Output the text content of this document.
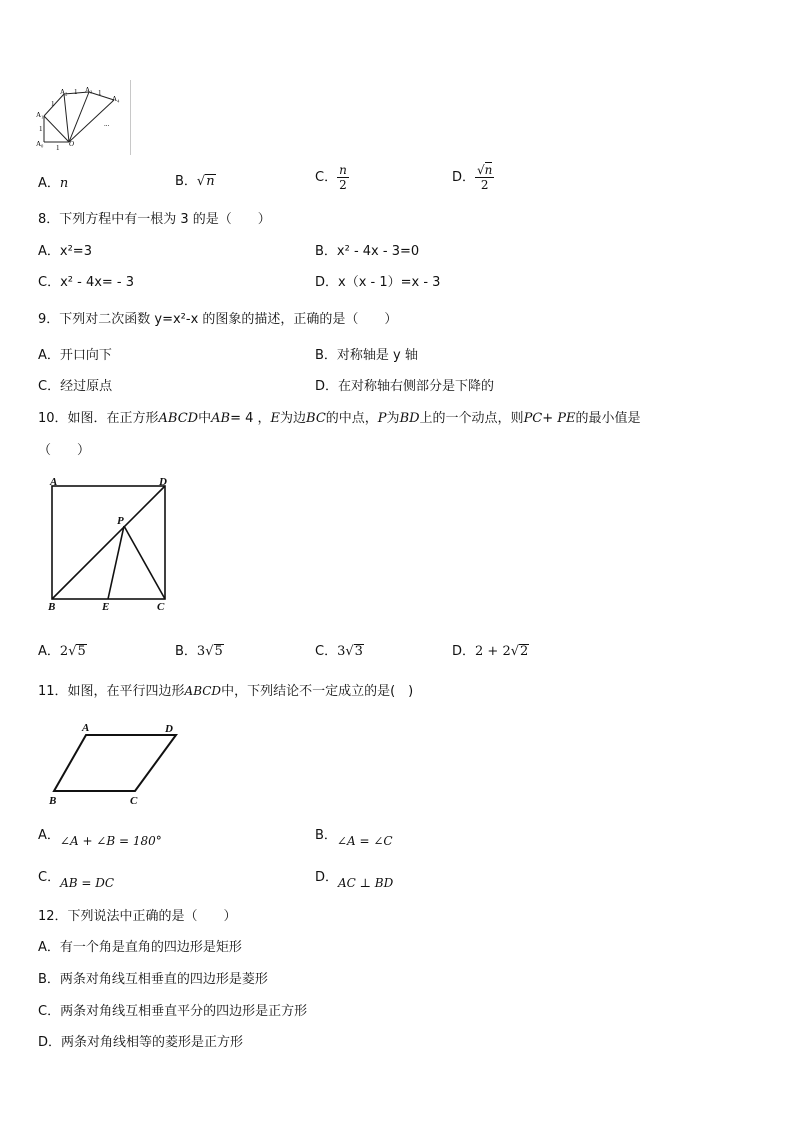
A₀
A₁
A₂	A₃
A₄
O
1
1
1
1	1
...
A．n	B． √ n	C． $\frac{n}{2}$	D． $\frac{√n}{2}$
8．下列方程中有一根为 3 的是（　　）
A．x²=3	B．x² - 4x - 3=0
C．x² - 4x= - 3	D．x（x - 1）=x - 3
9．下列对二次函数 y=x²-x 的图象的描述，正确的是（　　）
A．开口向下	B．对称轴是 y 轴
C．经过原点	D．在对称轴右侧部分是下降的
10．如图．在正方形ABCD中AB= 4 ，E为边BC的中点，P为BD上的一个动点，则PC+ PE的最小值是
（　　）
A	D
P
B	E	C
A．2 √ 5	B．3 √ 5	C．3 √ 3	D．2 + 2 √ 2
11．如图，在平行四边形ABCD中，下列结论不一定成立的是(　)
A	D
B	C
A．∠A + ∠B = 180°	B．∠A = ∠C
C．AB = DC	D．AC ⊥ BD
12．下列说法中正确的是（　　）
A．有一个角是直角的四边形是矩形
B．两条对角线互相垂直的四边形是菱形
C．两条对角线互相垂直平分的四边形是正方形
D．两条对角线相等的菱形是正方形
